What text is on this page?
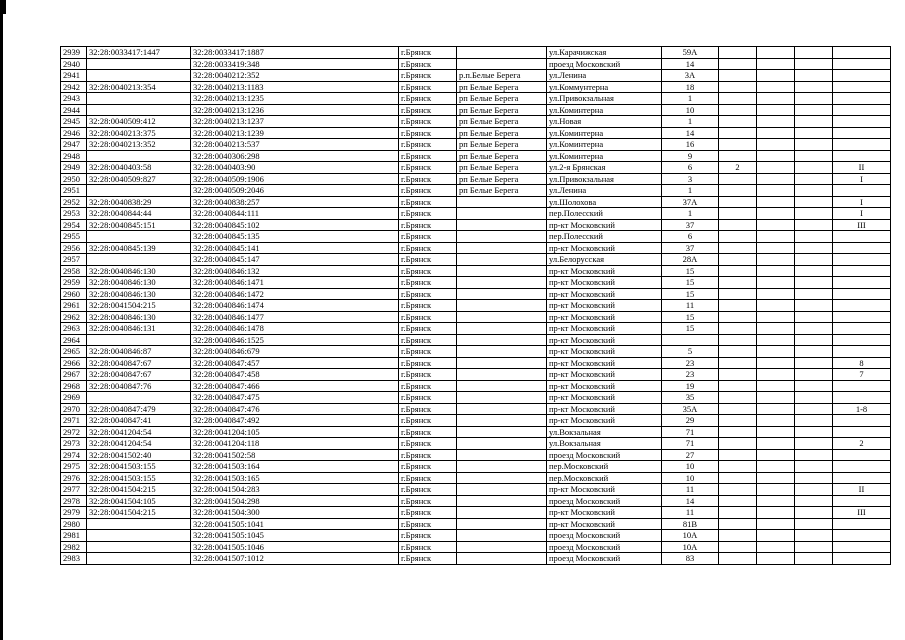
2939	32:28:0033417:1447	32:28:0033417:1887	г.Брянск		ул.Карачижская	59А				
2940		32:28:0033419:348	г.Брянск		проезд Московский	14				
2941		32:28:0040212:352	г.Брянск	р.п.Белые Берега	ул.Ленина	3А				
2942	32:28:0040213:354	32:28:0040213:1183	г.Брянск	рп Белые Берега	ул.Коммунтерна	18				
2943		32:28:0040213:1235	г.Брянск	рп Белые Берега	ул.Привокзальная	1				
2944		32:28:0040213:1236	г.Брянск	рп Белые Берега	ул.Коминтерна	10				
2945	32:28:0040509:412	32:28:0040213:1237	г.Брянск	рп Белые Берега	ул.Новая	1				
2946	32:28:0040213:375	32:28:0040213:1239	г.Брянск	рп Белые Берега	ул.Коминтерна	14				
2947	32:28:0040213:352	32:28:0040213:537	г.Брянск	рп Белые Берега	ул.Коминтерна	16				
2948		32:28:0040306:298	г.Брянск	рп Белые Берега	ул.Коминтерна	9				
2949	32:28:0040403:58	32:28:0040403:90	г.Брянск	рп Белые Берега	ул.2-я Брянская	6	2			II
2950	32:28:0040509:827	32:28:0040509:1906	г.Брянск	рп Белые Берега	ул.Привокзальная	3				I
2951		32:28:0040509:2046	г.Брянск	рп Белые Берега	ул.Ленина	1				
2952	32:28:0040838:29	32:28:0040838:257	г.Брянск		ул.Шолохова	37А				I
2953	32:28:0040844:44	32:28:0040844:111	г.Брянск		пер.Полесский	1				I
2954	32:28:0040845:151	32:28:0040845:102	г.Брянск		пр-кт Московский	37				III
2955		32:28:0040845:135	г.Брянск		пер.Полесский	6				
2956	32:28:0040845:139	32:28:0040845:141	г.Брянск		пр-кт Московский	37				
2957		32:28:0040845:147	г.Брянск		ул.Белорусская	28А				
2958	32:28:0040846:130	32:28:0040846:132	г.Брянск		пр-кт Московский	15				
2959	32:28:0040846:130	32:28:0040846:1471	г.Брянск		пр-кт Московский	15				
2960	32:28:0040846:130	32:28:0040846:1472	г.Брянск		пр-кт Московский	15				
2961	32:28:0041504:215	32:28:0040846:1474	г.Брянск		пр-кт Московский	11				
2962	32:28:0040846:130	32:28:0040846:1477	г.Брянск		пр-кт Московский	15				
2963	32:28:0040846:131	32:28:0040846:1478	г.Брянск		пр-кт Московский	15				
2964		32:28:0040846:1525	г.Брянск		пр-кт Московский					
2965	32:28:0040846:87	32:28:0040846:679	г.Брянск		пр-кт Московский	5				
2966	32:28:0040847:67	32:28:0040847:457	г.Брянск		пр-кт Московский	23				8
2967	32:28:0040847:67	32:28:0040847:458	г.Брянск		пр-кт Московский	23				7
2968	32:28:0040847:76	32:28:0040847:466	г.Брянск		пр-кт Московский	19				
2969		32:28:0040847:475	г.Брянск		пр-кт Московский	35				
2970	32:28:0040847:479	32:28:0040847:476	г.Брянск		пр-кт Московский	35А				1-8
2971	32:28:0040847:41	32:28:0040847:492	г.Брянск		пр-кт Московский	29				
2972	32:28:0041204:54	32:28:0041204:105	г.Брянск		ул.Вокзальная	71				
2973	32:28:0041204:54	32:28:0041204:118	г.Брянск		ул.Вокзальная	71				2
2974	32:28:0041502:40	32:28:0041502:58	г.Брянск		проезд Московский	27				
2975	32:28:0041503:155	32:28:0041503:164	г.Брянск		пер.Московский	10				
2976	32:28:0041503:155	32:28:0041503:165	г.Брянск		пер.Московский	10				
2977	32:28:0041504:215	32:28:0041504:283	г.Брянск		пр-кт Московский	11				II
2978	32:28:0041504:105	32:28:0041504:298	г.Брянск		проезд Московский	14				
2979	32:28:0041504:215	32:28:0041504:300	г.Брянск		пр-кт Московский	11				III
2980		32:28:0041505:1041	г.Брянск		пр-кт Московский	81В				
2981		32:28:0041505:1045	г.Брянск		проезд Московский	10А				
2982		32:28:0041505:1046	г.Брянск		проезд Московский	10А				
2983		32:28:0041507:1012	г.Брянск		проезд Московский	83				
